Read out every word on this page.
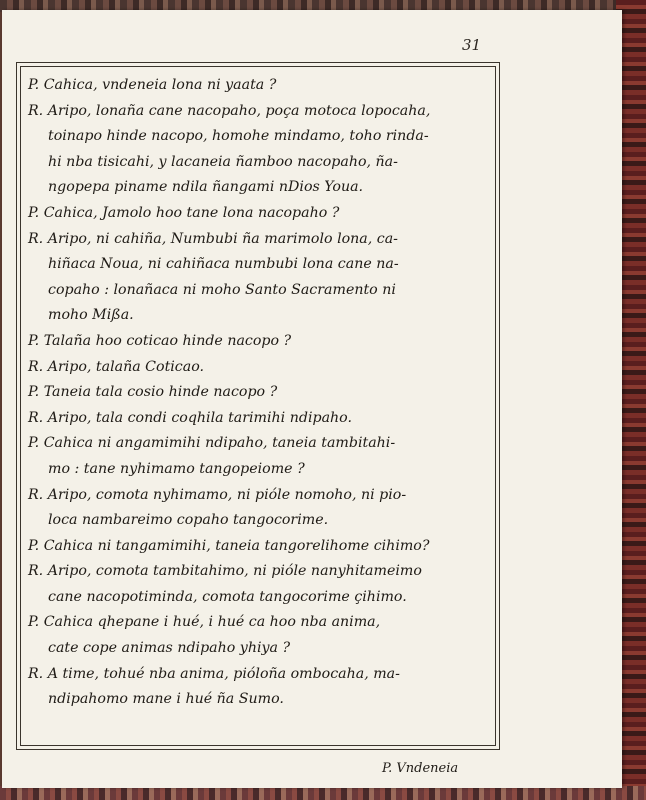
31
P. Cahica, vndeneia lona ni yaata ?
R. Aripo, lonaña cane nacopaho, poça motoca lopocaha,
toinapo hinde nacopo, homohe mindamo, toho rinda-
hi nba tisicahi, y lacaneia ñamboo nacopaho, ña-
ngopepa piname ndila ñangami nDios Youa.
P. Cahica, Jamolo hoo tane lona nacopaho ?
R. Aripo, ni cahiña, Numbubi ña marimolo lona, ca-
hiñaca Noua, ni cahiñaca numbubi lona cane na-
copaho : lonañaca ni moho Santo Sacramento ni
moho Mißa.
P. Talaña hoo coticao hinde nacopo ?
R. Aripo, talaña Coticao.
P. Taneia tala cosio hinde nacopo ?
R. Aripo, tala condi coqhila tarimihi ndipaho.
P. Cahica ni angamimihi ndipaho, taneia tambitahi-
mo : tane nyhimamo tangopeiome ?
R. Aripo, comota nyhimamo, ni pióle nomoho, ni pio-
loca nambareimo copaho tangocorime.
P. Cahica ni tangamimihi, taneia tangorelihome cihimo?
R. Aripo, comota tambitahimo, ni pióle nanyhitameimo
cane nacopotiminda, comota tangocorime çihimo.
P. Cahica qhepane i hué, i hué ca hoo nba anima,
cate cope animas ndipaho yhiya ?
R. A time, tohué nba anima, pióloña ombocaha, ma-
ndipahomo mane i hué ña Sumo.
P. Vndeneia
